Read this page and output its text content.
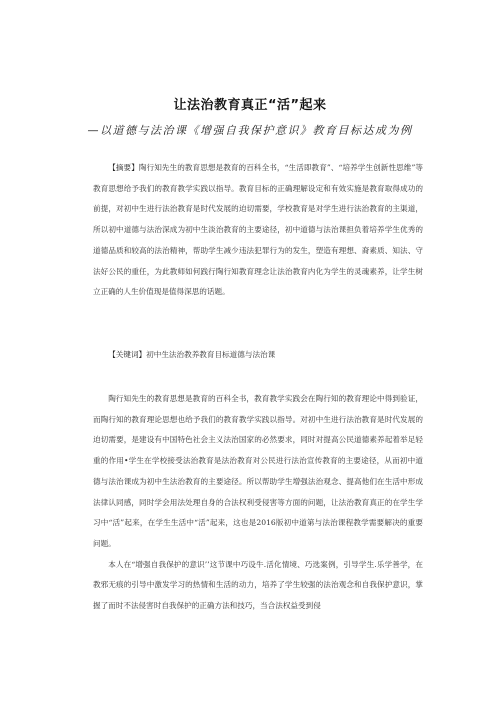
让法治教育真正“活”起来
—以道德与法治课《增强自我保护意识》教育目标达成为例

【摘要】陶行知先生的教育思想是教育的百科全书，“生活即教育”、“培养学生创新性思维”等教育思想给予我们的教育教学实践以指导。教育目标的正确理解设定和有效实施是教育取得成功的前提，对初中生进行法治教育是时代发展的迫切需要，学校教育是对学生进行法治教育的主渠道，所以初中道德与法治深成为初中生淡治教育的主要途径，初中道德与法治课担负着培养学生优秀的道德品质和较高的法治精神，帮助学生减少违法犯罪行为的发生，塑造有理想、裔素质、知法、守法好公民的重任，为此教师如何践行陶行知教育理念让法治教育内化为学生的灵魂素养，让学生树立正确的人生价值现是值得深思的话题。

【关键词】初中生法治教养教育目标道德与法治课

陶行知先生的教育思想是教育的百科全书，教育教学实践会在陶行知的教育理论中得到验证，而陶行知的教育理论思想也给予我们的教育教学实践以指导。对初中生进行法治教育是时代发展的迫切需要，是建设有中国特色社会主义法治国家的必然要求，同时对提高公民道德素养起着举足轻重的作用•学生在学校接受法治教育是法治教育对公民进行法治宣传教育的主要途径，从而初中道德与法治课成为初中生法治教育的主要途径。所以帮助学生增强法治观念、提高他们在生活中形成法律认同感，同时学会用法处理自身的合法权利受侵害等方面的问题，让法治教育真正的在学生学习中“活”起来，在学生生活中“活”起来，这也是2016版初中道第与法治课程教学需要解决的重要问题。

本人在“增强自我保护的意识’’这节课中巧设牛.活化情境、巧选案例，引导学生.乐学善学，在教邪无痕的引导中激发学习的热情和生活的动力，培养了学生较强的法治观念和自我保护意识，掌握了而时不法侵害时自我保护的正确方法和技巧，当合法权益受到侵
